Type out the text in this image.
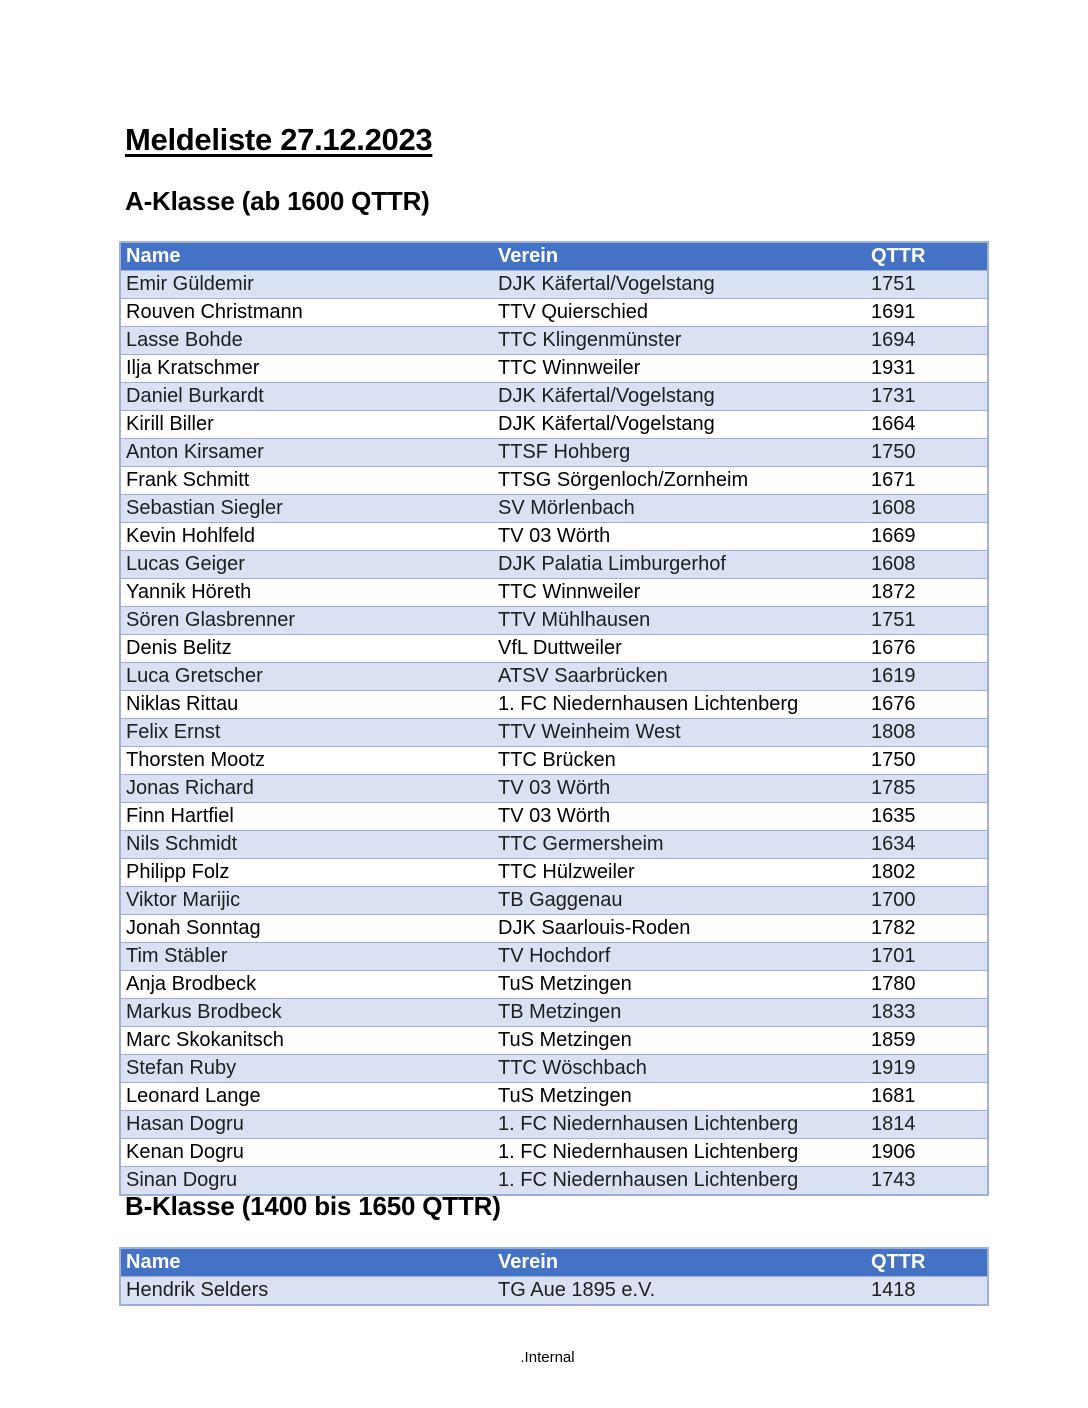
Meldeliste 27.12.2023
A-Klasse (ab 1600 QTTR)
Name	Verein	QTTR
Emir Güldemir	DJK Käfertal/Vogelstang	1751
Rouven Christmann	TTV Quierschied	1691
Lasse Bohde	TTC Klingenmünster	1694
Ilja Kratschmer	TTC Winnweiler	1931
Daniel Burkardt	DJK Käfertal/Vogelstang	1731
Kirill Biller	DJK Käfertal/Vogelstang	1664
Anton Kirsamer	TTSF Hohberg	1750
Frank Schmitt	TTSG Sörgenloch/Zornheim	1671
Sebastian Siegler	SV Mörlenbach	1608
Kevin Hohlfeld	TV 03 Wörth	1669
Lucas Geiger	DJK Palatia Limburgerhof	1608
Yannik Höreth	TTC Winnweiler	1872
Sören Glasbrenner	TTV Mühlhausen	1751
Denis Belitz	VfL Duttweiler	1676
Luca Gretscher	ATSV Saarbrücken	1619
Niklas Rittau	1. FC Niedernhausen Lichtenberg	1676
Felix Ernst	TTV Weinheim West	1808
Thorsten Mootz	TTC Brücken	1750
Jonas Richard	TV 03 Wörth	1785
Finn Hartfiel	TV 03 Wörth	1635
Nils Schmidt	TTC Germersheim	1634
Philipp Folz	TTC Hülzweiler	1802
Viktor Marijic	TB Gaggenau	1700
Jonah Sonntag	DJK Saarlouis-Roden	1782
Tim Stäbler	TV Hochdorf	1701
Anja Brodbeck	TuS Metzingen	1780
Markus Brodbeck	TB Metzingen	1833
Marc Skokanitsch	TuS Metzingen	1859
Stefan Ruby	TTC Wöschbach	1919
Leonard Lange	TuS Metzingen	1681
Hasan Dogru	1. FC Niedernhausen Lichtenberg	1814
Kenan Dogru	1. FC Niedernhausen Lichtenberg	1906
Sinan Dogru	1. FC Niedernhausen Lichtenberg	1743
B-Klasse (1400 bis 1650 QTTR)
Name	Verein	QTTR
Hendrik Selders	TG Aue 1895 e.V.	1418
.Internal
